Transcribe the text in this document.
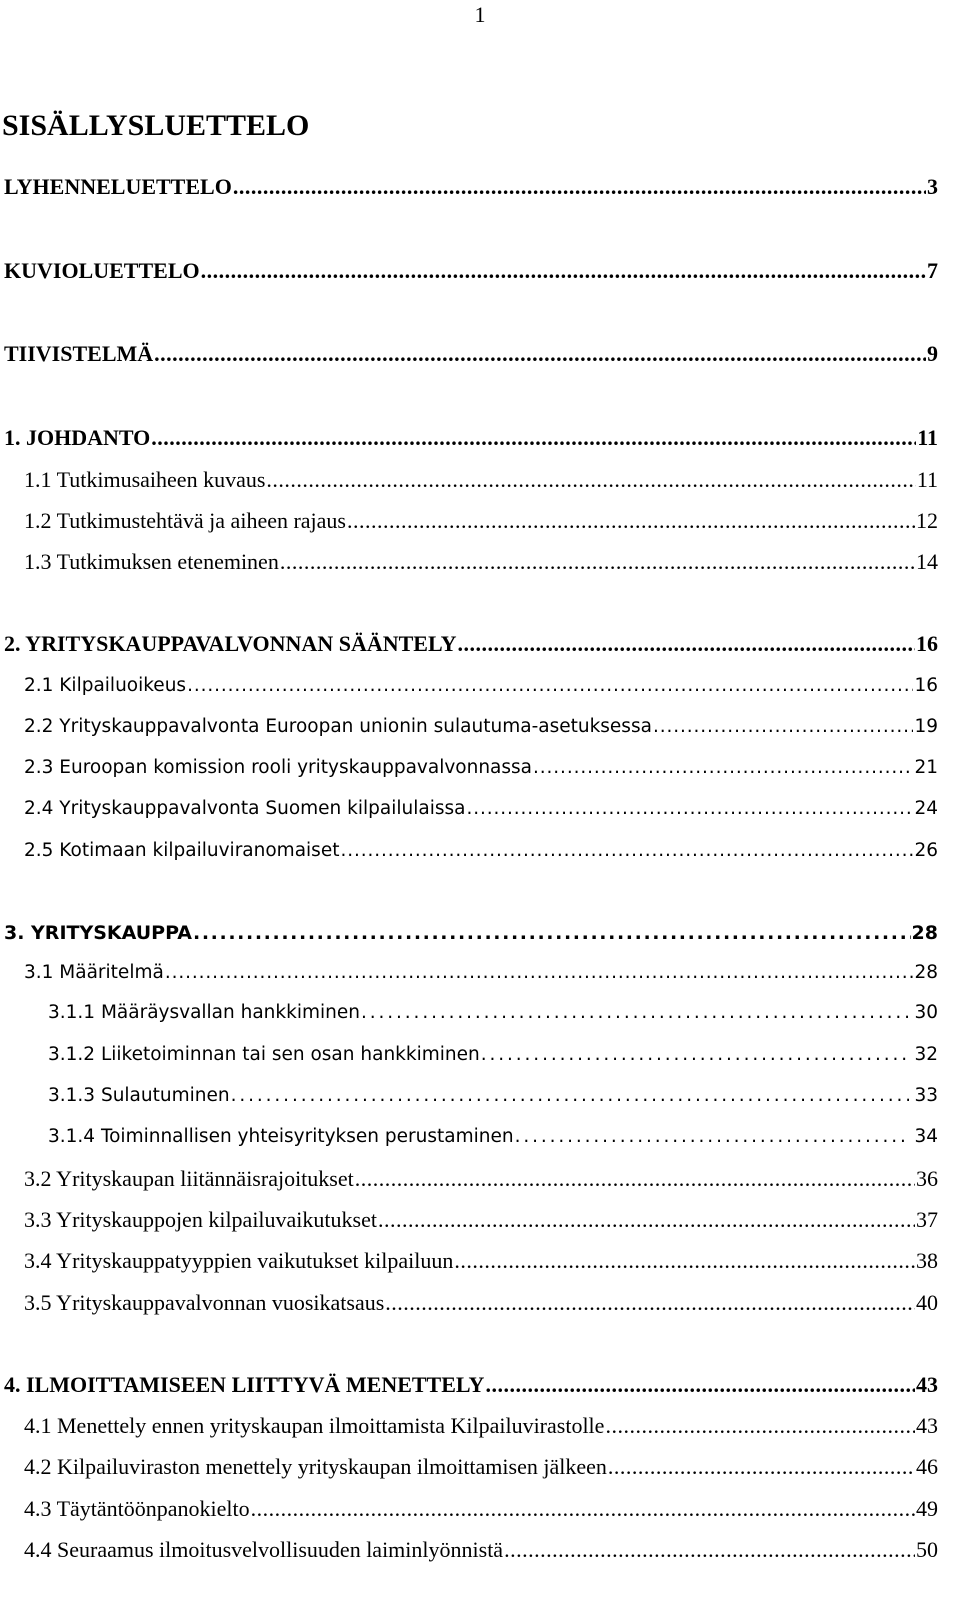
1
SISÄLLYSLUETTELO
LYHENNELUETTELO . . .	3
KUVIOLUETTELO . . .	7
TIIVISTELMÄ . . .	9
1. JOHDANTO . . .	11
1.1 Tutkimusaiheen kuvaus . . .	11
1.2 Tutkimustehtävä ja aiheen rajaus . . .	12
1.3 Tutkimuksen eteneminen . . .	14
2. YRITYSKAUPPAVALVONNAN SÄÄNTELY . . .	16
2.1 Kilpailuoikeus . . .	16
2.2 Yrityskauppavalvonta Euroopan unionin sulautuma-asetuksessa . . .	19
2.3 Euroopan komission rooli yrityskauppavalvonnassa . . .	21
2.4 Yrityskauppavalvonta Suomen kilpailulaissa . . .	24
2.5 Kotimaan kilpailuviranomaiset . . .	26
3. YRITYSKAUPPA . . .	28
3.1 Määritelmä . . .	28
3.1.1 Määräysvallan hankkiminen . . .	30
3.1.2 Liiketoiminnan tai sen osan hankkiminen . . .	32
3.1.3 Sulautuminen . . .	33
3.1.4 Toiminnallisen yhteisyrityksen perustaminen . . .	34
3.2 Yrityskaupan liitännäisrajoitukset . . .	36
3.3 Yrityskauppojen kilpailuvaikutukset . . .	37
3.4 Yrityskauppatyyppien vaikutukset kilpailuun . . .	38
3.5 Yrityskauppavalvonnan vuosikatsaus . . .	40
4. ILMOITTAMISEEN LIITTYVÄ MENETTELY . . .	43
4.1 Menettely ennen yrityskaupan ilmoittamista Kilpailuvirastolle . . .	43
4.2 Kilpailuviraston menettely yrityskaupan ilmoittamisen jälkeen . . .	46
4.3 Täytäntöönpanokielto . . .	49
4.4 Seuraamus ilmoitusvelvollisuuden laiminlyönnistä . . .	50
